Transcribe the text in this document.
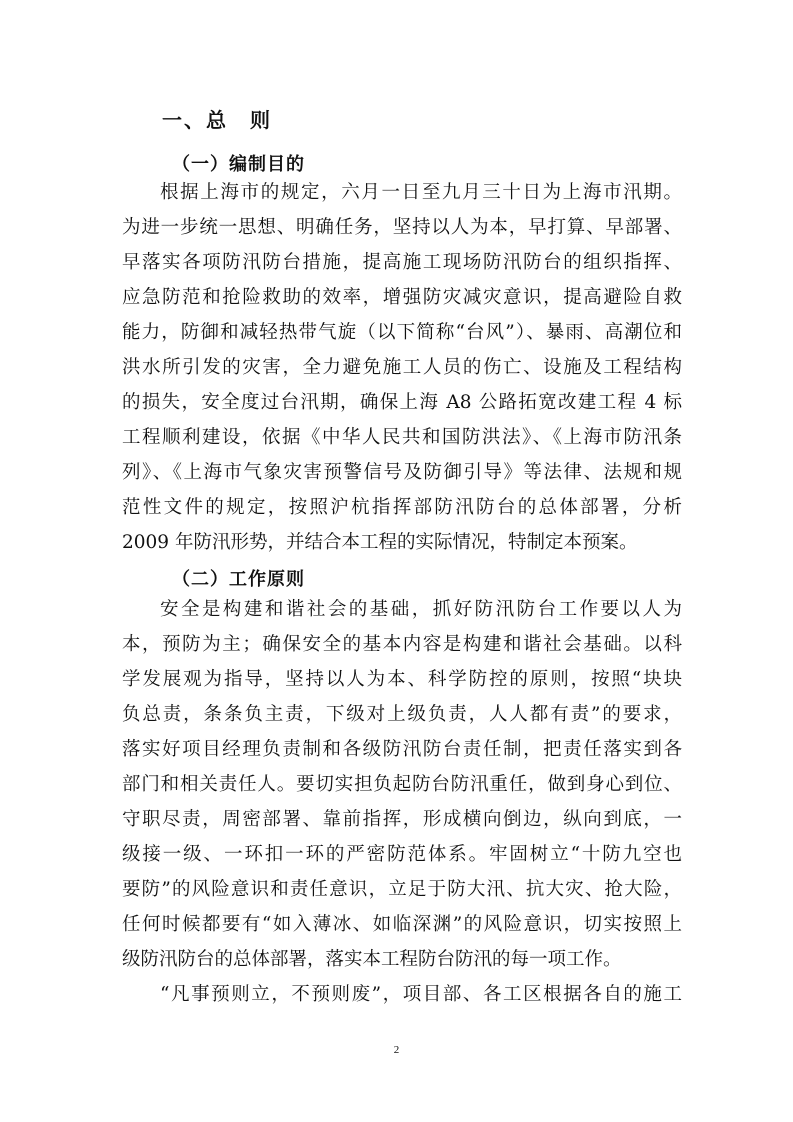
一、总　则
（一）编制目的
根据上海市的规定，六月一日至九月三十日为上海市汛期。
为进一步统一思想、明确任务，坚持以人为本，早打算、早部署、
早落实各项防汛防台措施，提高施工现场防汛防台的组织指挥、
应急防范和抢险救助的效率，增强防灾减灾意识，提高避险自救
能力，防御和减轻热带气旋（以下简称“台风”）、暴雨、高潮位和
洪水所引发的灾害，全力避免施工人员的伤亡、设施及工程结构
的损失，安全度过台汛期，确保上海 A8 公路拓宽改建工程 4 标
工程顺利建设，依据《中华人民共和国防洪法》、《上海市防汛条
列》、《上海市气象灾害预警信号及防御引导》等法律、法规和规
范性文件的规定，按照沪杭指挥部防汛防台的总体部署，分析
2009 年防汛形势，并结合本工程的实际情况，特制定本预案。
（二）工作原则
安全是构建和谐社会的基础，抓好防汛防台工作要以人为
本，预防为主；确保安全的基本内容是构建和谐社会基础。以科
学发展观为指导，坚持以人为本、科学防控的原则，按照“块块
负总责，条条负主责，下级对上级负责，人人都有责”的要求，
落实好项目经理负责制和各级防汛防台责任制，把责任落实到各
部门和相关责任人。要切实担负起防台防汛重任，做到身心到位、
守职尽责，周密部署、靠前指挥，形成横向倒边，纵向到底，一
级接一级、一环扣一环的严密防范体系。牢固树立“十防九空也
要防”的风险意识和责任意识，立足于防大汛、抗大灾、抢大险，
任何时候都要有“如入薄冰、如临深渊”的风险意识，切实按照上
级防汛防台的总体部署，落实本工程防台防汛的每一项工作。
“凡事预则立，不预则废”，项目部、各工区根据各自的施工
2
